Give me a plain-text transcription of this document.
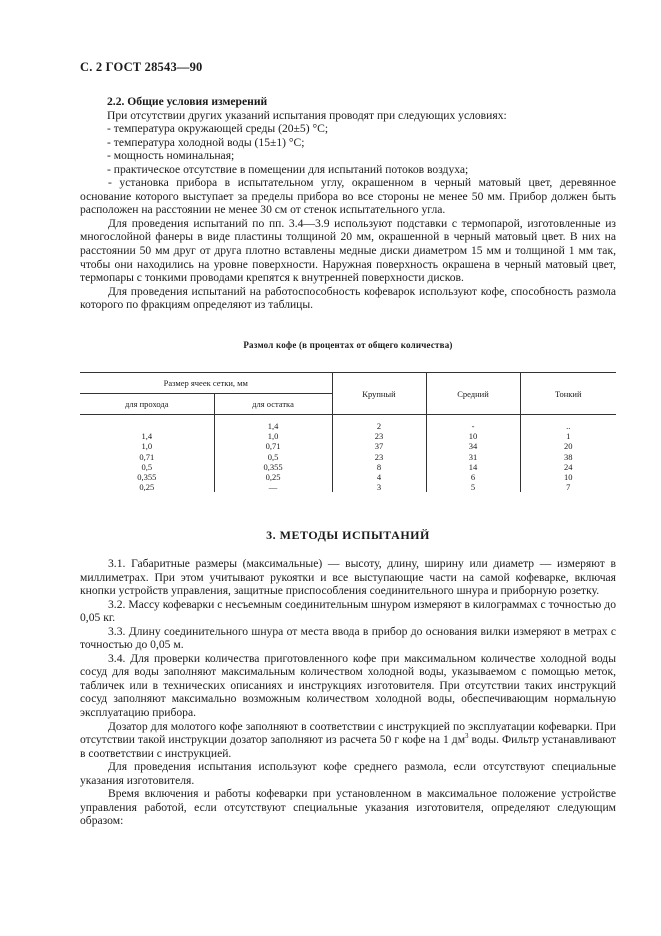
С. 2 ГОСТ 28543—90

2.2. Общие условия измерений

При отсутствии других указаний испытания проводят при следующих условиях:

- температура окружающей среды (20±5) °С;

- температура холодной воды (15±1) °С;

- мощность номинальная;

- практическое отсутствие в помещении для испытаний потоков воздуха;

- установка прибора в испытательном углу, окрашенном в черный матовый цвет, деревянное основание которого выступает за пределы прибора во все стороны не менее 50 мм. Прибор должен быть расположен на расстоянии не менее 30 см от стенок испытательного угла.

Для проведения испытаний по пп. 3.4—3.9 используют подставки с термопарой, изготовленные из многослойной фанеры в виде пластины толщиной 20 мм, окрашенной в черный матовый цвет. В них на расстоянии 50 мм друг от друга плотно вставлены медные диски диаметром 15 мм и толщиной 1 мм так, чтобы они находились на уровне поверхности. Наружная поверхность окрашена в черный матовый цвет, термопары с тонкими проводами крепятся к внутренней поверхности дисков.

Для проведения испытаний на работоспособность кофеварок используют кофе, способность размола которого по фракциям определяют из таблицы.

Размол кофе (в процентах от общего количества)
Размер ячеек сетки, мм		Крупный	Средний	Тонкий
для прохода	для остатка			
	1,4	2	-	..
1,4	1,0	23	10	1
1,0	0,71	37	34	20
0,71	0,5	23	31	38
0,5	0,355	8	14	24
0,355	0,25	4	6	10
0,25	—	3	5	7
3. МЕТОДЫ ИСПЫТАНИЙ

3.1. Габаритные размеры (максимальные) — высоту, длину, ширину или диаметр — измеряют в миллиметрах. При этом учитывают рукоятки и все выступающие части на самой кофеварке, включая кнопки устройств управления, защитные приспособления соединительного шнура и приборную розетку.

3.2. Массу кофеварки с несъемным соединительным шнуром измеряют в килограммах с точностью до 0,05 кг.

3.3. Длину соединительного шнура от места ввода в прибор до основания вилки измеряют в метрах с точностью до 0,05 м.

3.4. Для проверки количества приготовленного кофе при максимальном количестве холодной воды сосуд для воды заполняют максимальным количеством холодной воды, указываемом с помощью меток, табличек или в технических описаниях и инструкциях изготовителя. При отсутствии таких инструкций сосуд заполняют максимально возможным количеством холодной воды, обеспечивающим нормальную эксплуатацию прибора.

Дозатор для молотого кофе заполняют в соответствии с инструкцией по эксплуатации кофеварки. При отсутствии такой инструкции дозатор заполняют из расчета 50 г кофе на 1 $дм^3$ воды. Фильтр устанавливают в соответствии с инструкцией.

Для проведения испытания используют кофе среднего размола, если отсутствуют специальные указания изготовителя.

Время включения и работы кофеварки при установленном в максимальное положение устройстве управления работой, если отсутствуют специальные указания изготовителя, определяют следующим образом:
